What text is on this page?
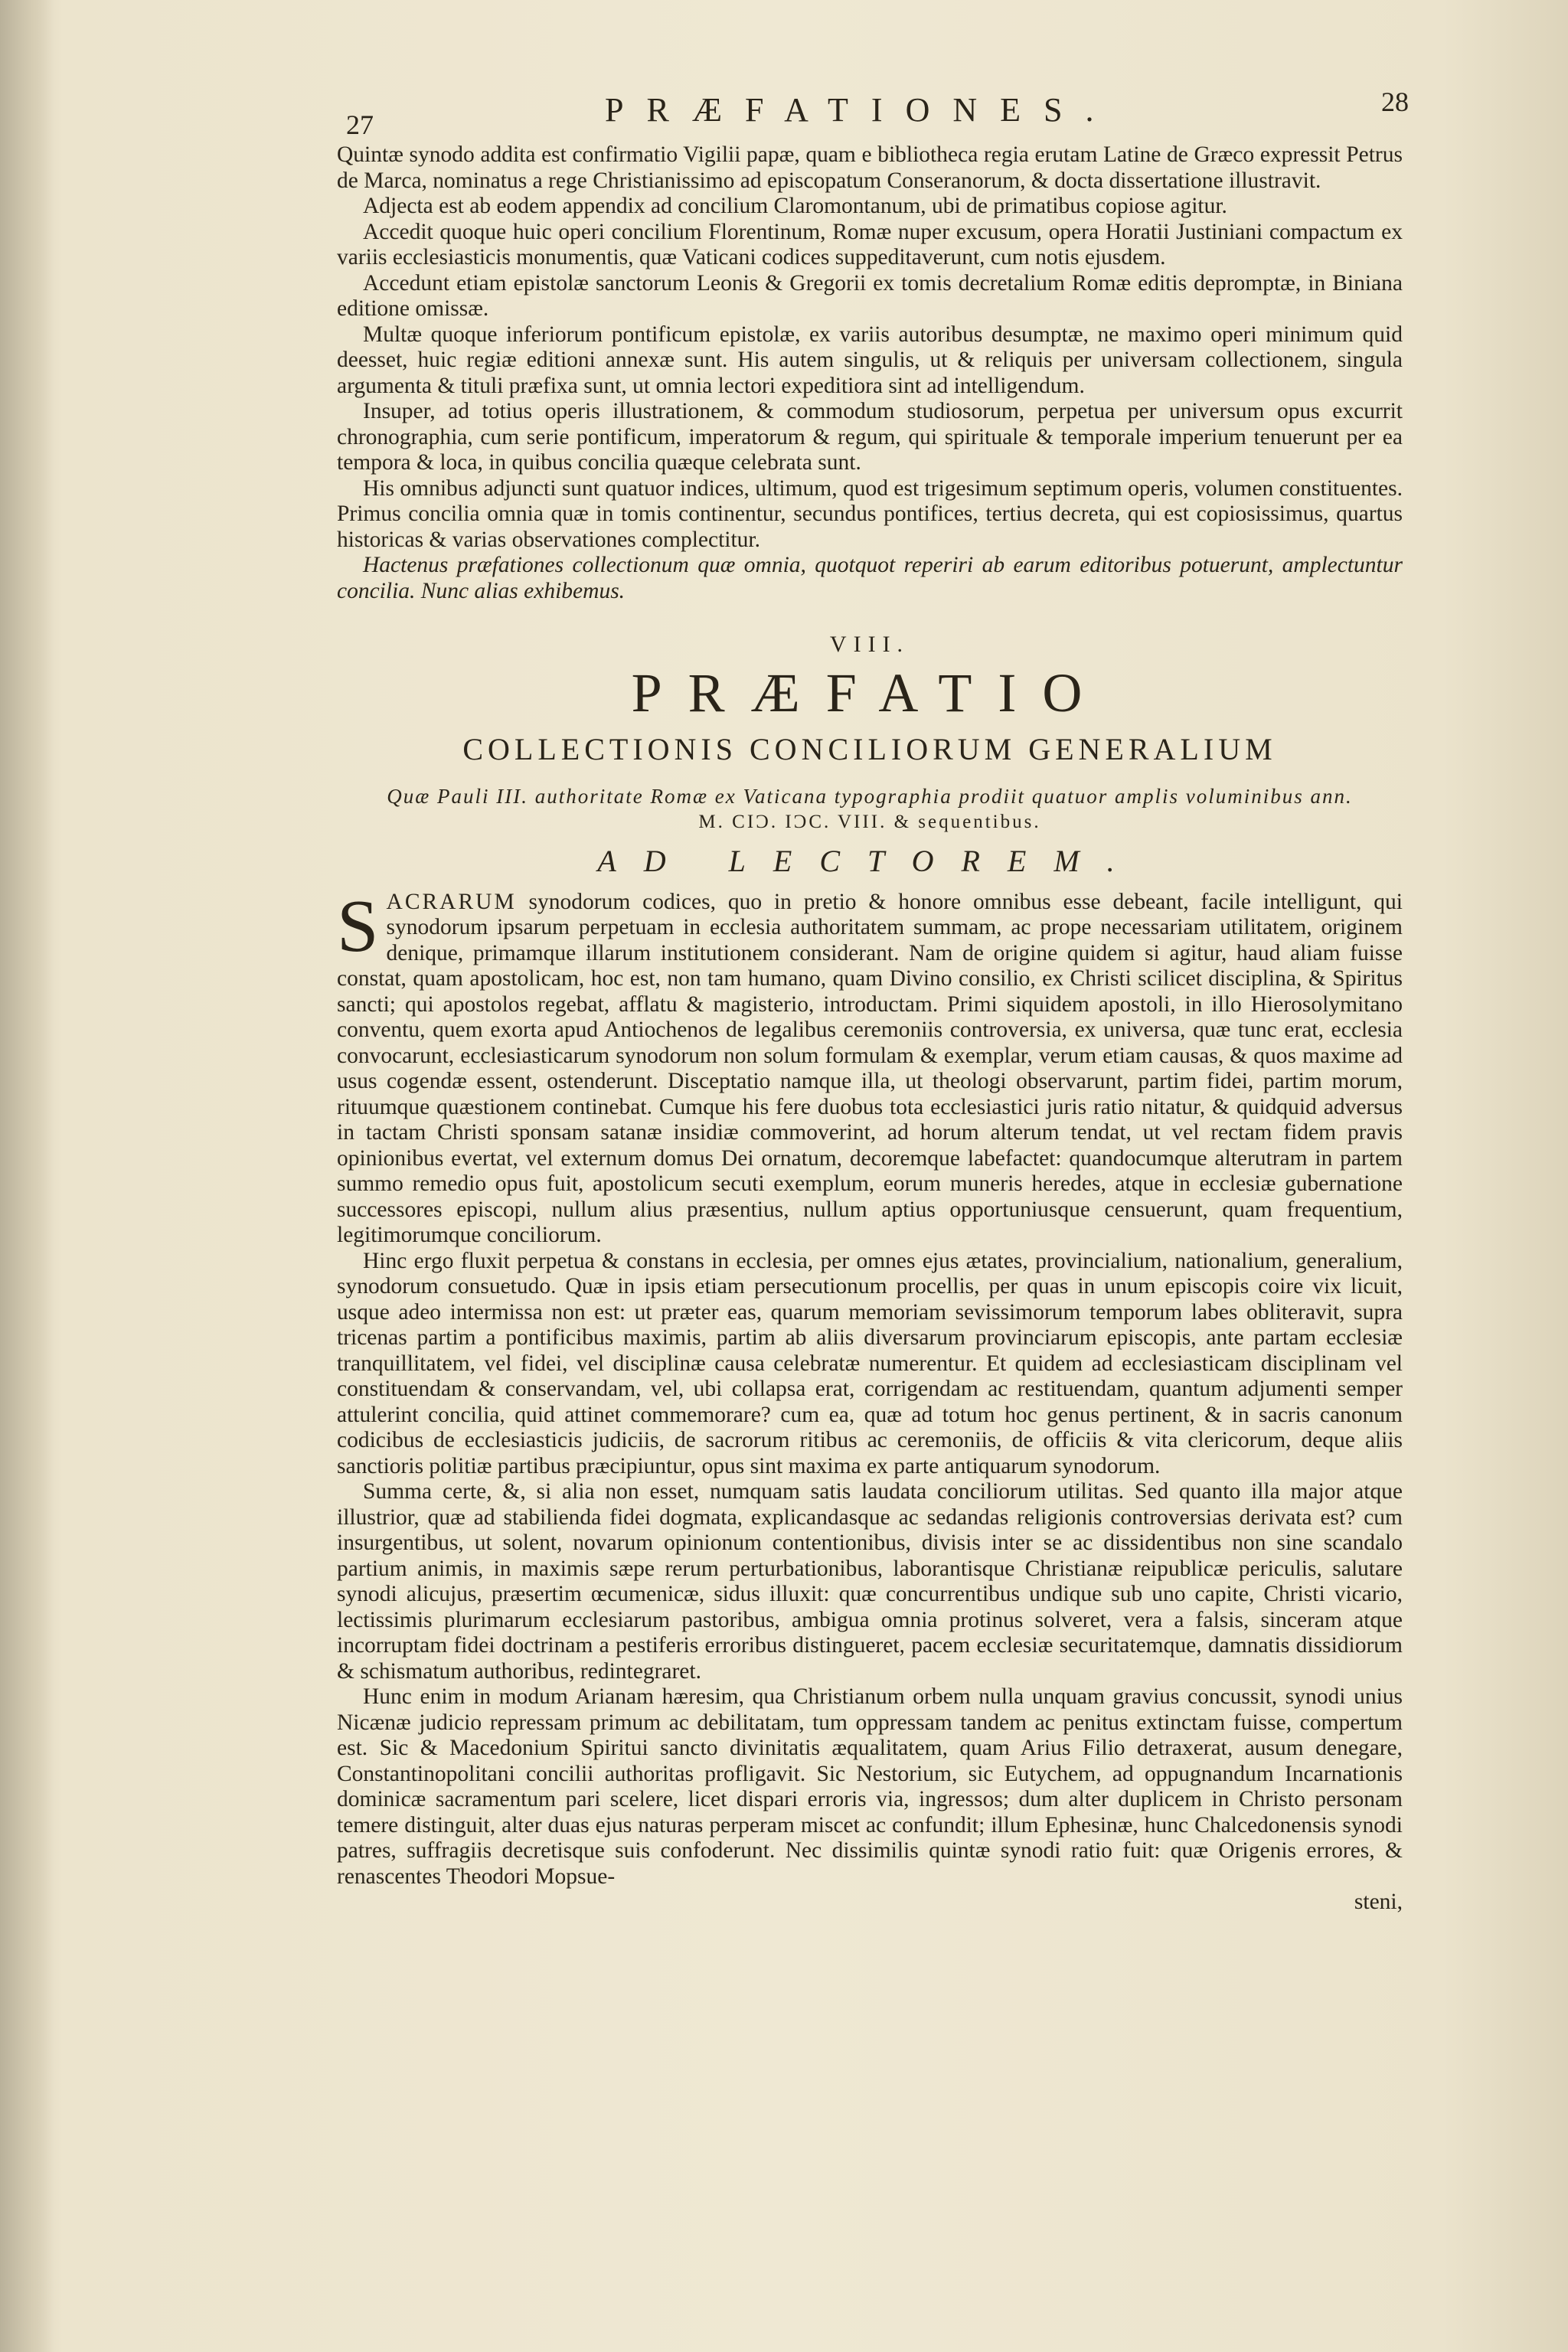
27	PRÆFATIONES.	28

Quintæ synodo addita est confirmatio Vigilii papæ, quam e bibliotheca regia erutam Latine de Græco expressit Petrus de Marca, nominatus a rege Christianissimo ad episcopatum Conseranorum, & docta dissertatione illustravit.

Adjecta est ab eodem appendix ad concilium Claromontanum, ubi de primatibus copiose agitur.

Accedit quoque huic operi concilium Florentinum, Romæ nuper excusum, opera Horatii Justiniani compactum ex variis ecclesiasticis monumentis, quæ Vaticani codices suppeditaverunt, cum notis ejusdem.

Accedunt etiam epistolæ sanctorum Leonis & Gregorii ex tomis decretalium Romæ editis depromptæ, in Biniana editione omissæ.

Multæ quoque inferiorum pontificum epistolæ, ex variis autoribus desumptæ, ne maximo operi minimum quid deesset, huic regiæ editioni annexæ sunt. His autem singulis, ut & reliquis per universam collectionem, singula argumenta & tituli præfixa sunt, ut omnia lectori expeditiora sint ad intelligendum.

Insuper, ad totius operis illustrationem, & commodum studiosorum, perpetua per universum opus excurrit chronographia, cum serie pontificum, imperatorum & regum, qui spirituale & temporale imperium tenuerunt per ea tempora & loca, in quibus concilia quæque celebrata sunt.

His omnibus adjuncti sunt quatuor indices, ultimum, quod est trigesimum septimum operis, volumen constituentes. Primus concilia omnia quæ in tomis continentur, secundus pontifices, tertius decreta, qui est copiosissimus, quartus historicas & varias observationes complectitur.

Hactenus præfationes collectionum quæ omnia, quotquot reperiri ab earum editoribus potuerunt, amplectuntur concilia. Nunc alias exhibemus.

VIII.
PRÆFATIO
COLLECTIONIS CONCILIORUM GENERALIUM
Quæ Pauli III. authoritate Romæ ex Vaticana typographia prodiit quatuor amplis voluminibus ann.
M. CIƆ. IƆC. VIII. & sequentibus.
AD LECTOREM.

SACRARUM synodorum codices, quo in pretio & honore omnibus esse debeant, facile intelligunt, qui synodorum ipsarum perpetuam in ecclesia authoritatem summam, ac prope necessariam utilitatem, originem denique, primamque illarum institutionem considerant. Nam de origine quidem si agitur, haud aliam fuisse constat, quam apostolicam, hoc est, non tam humano, quam Divino consilio, ex Christi scilicet disciplina, & Spiritus sancti; qui apostolos regebat, afflatu & magisterio, introductam. Primi siquidem apostoli, in illo Hierosolymitano conventu, quem exorta apud Antiochenos de legalibus ceremoniis controversia, ex universa, quæ tunc erat, ecclesia convocarunt, ecclesiasticarum synodorum non solum formulam & exemplar, verum etiam causas, & quos maxime ad usus cogendæ essent, ostenderunt. Disceptatio namque illa, ut theologi observarunt, partim fidei, partim morum, rituumque quæstionem continebat. Cumque his fere duobus tota ecclesiastici juris ratio nitatur, & quidquid adversus in tactam Christi sponsam satanæ insidiæ commoverint, ad horum alterum tendat, ut vel rectam fidem pravis opinionibus evertat, vel externum domus Dei ornatum, decoremque labefactet: quandocumque alterutram in partem summo remedio opus fuit, apostolicum secuti exemplum, eorum muneris heredes, atque in ecclesiæ gubernatione successores episcopi, nullum alius præsentius, nullum aptius opportuniusque censuerunt, quam frequentium, legitimorumque conciliorum.

Hinc ergo fluxit perpetua & constans in ecclesia, per omnes ejus ætates, provincialium, nationalium, generalium, synodorum consuetudo. Quæ in ipsis etiam persecutionum procellis, per quas in unum episcopis coire vix licuit, usque adeo intermissa non est: ut præter eas, quarum memoriam sevissimorum temporum labes obliteravit, supra tricenas partim a pontificibus maximis, partim ab aliis diversarum provinciarum episcopis, ante partam ecclesiæ tranquillitatem, vel fidei, vel disciplinæ causa celebratæ numerentur. Et quidem ad ecclesiasticam disciplinam vel constituendam & conservandam, vel, ubi collapsa erat, corrigendam ac restituendam, quantum adjumenti semper attulerint concilia, quid attinet commemorare? cum ea, quæ ad totum hoc genus pertinent, & in sacris canonum codicibus de ecclesiasticis judiciis, de sacrorum ritibus ac ceremoniis, de officiis & vita clericorum, deque aliis sanctioris politiæ partibus præcipiuntur, opus sint maxima ex parte antiquarum synodorum.

Summa certe, &, si alia non esset, numquam satis laudata conciliorum utilitas. Sed quanto illa major atque illustrior, quæ ad stabilienda fidei dogmata, explicandasque ac sedandas religionis controversias derivata est? cum insurgentibus, ut solent, novarum opinionum contentionibus, divisis inter se ac dissidentibus non sine scandalo partium animis, in maximis sæpe rerum perturbationibus, laborantisque Christianæ reipublicæ periculis, salutare synodi alicujus, præsertim œcumenicæ, sidus illuxit: quæ concurrentibus undique sub uno capite, Christi vicario, lectissimis plurimarum ecclesiarum pastoribus, ambigua omnia protinus solveret, vera a falsis, sinceram atque incorruptam fidei doctrinam a pestiferis erroribus distingueret, pacem ecclesiæ securitatemque, damnatis dissidiorum & schismatum authoribus, redintegraret.

Hunc enim in modum Arianam hæresim, qua Christianum orbem nulla unquam gravius concussit, synodi unius Nicænæ judicio repressam primum ac debilitatam, tum oppressam tandem ac penitus extinctam fuisse, compertum est. Sic & Macedonium Spiritui sancto divinitatis æqualitatem, quam Arius Filio detraxerat, ausum denegare, Constantinopolitani concilii authoritas profligavit. Sic Nestorium, sic Eutychem, ad oppugnandum Incarnationis dominicæ sacramentum pari scelere, licet dispari erroris via, ingressos; dum alter duplicem in Christo personam temere distinguit, alter duas ejus naturas perperam miscet ac confundit; illum Ephesinæ, hunc Chalcedonensis synodi patres, suffragiis decretisque suis confoderunt. Nec dissimilis quintæ synodi ratio fuit: quæ Origenis errores, & renascentes Theodori Mopsue-

steni,
